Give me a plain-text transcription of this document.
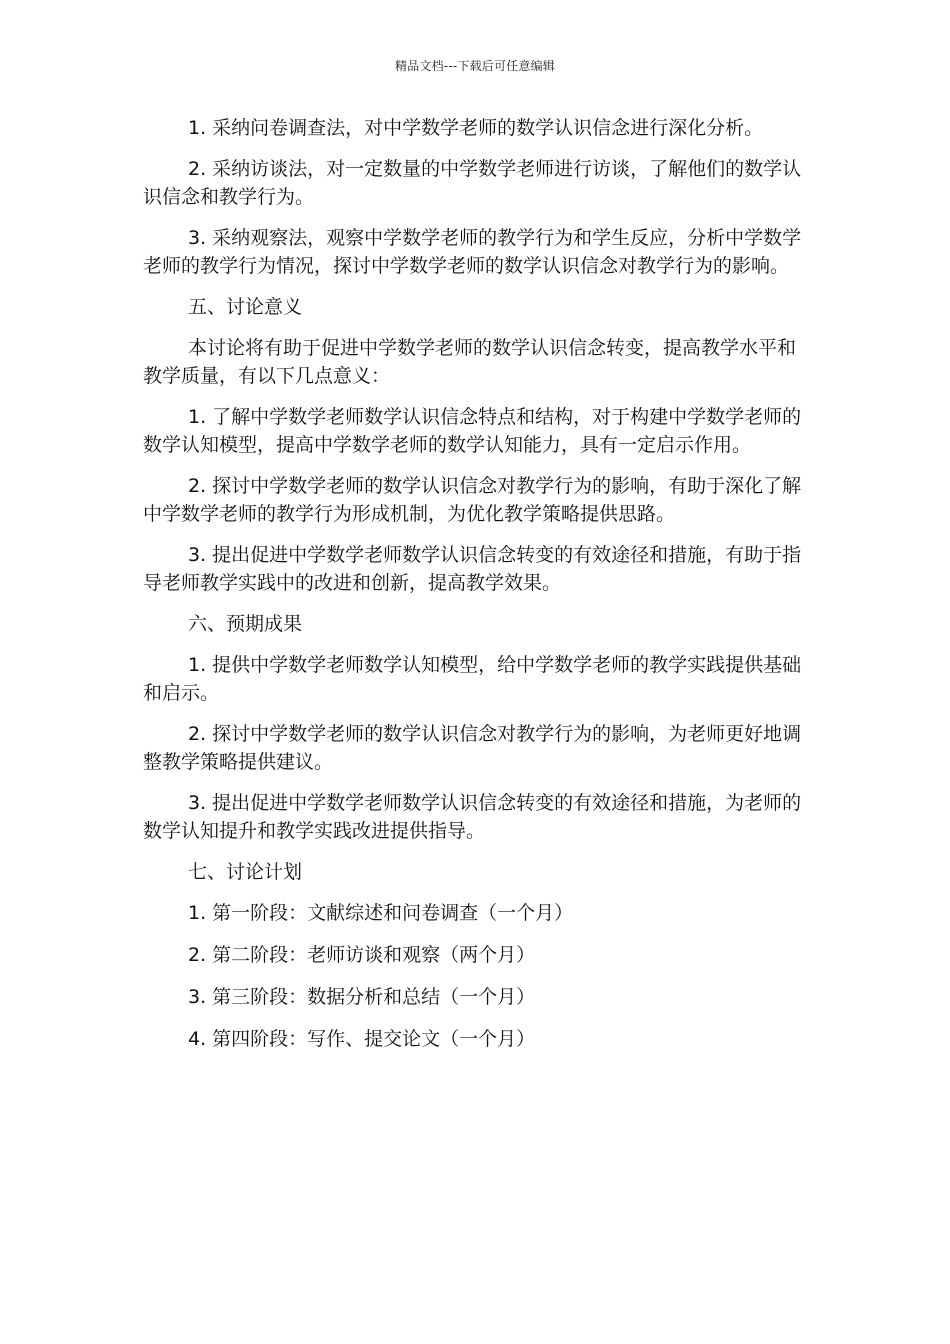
精品文档---下载后可任意编辑

1. 采纳问卷调查法，对中学数学老师的数学认识信念进行深化分析。

2. 采纳访谈法，对一定数量的中学数学老师进行访谈，了解他们的数学认识信念和教学行为。

3. 采纳观察法，观察中学数学老师的教学行为和学生反应，分析中学数学老师的教学行为情况，探讨中学数学老师的数学认识信念对教学行为的影响。

五、讨论意义

本讨论将有助于促进中学数学老师的数学认识信念转变，提高教学水平和教学质量，有以下几点意义：

1. 了解中学数学老师数学认识信念特点和结构，对于构建中学数学老师的数学认知模型，提高中学数学老师的数学认知能力，具有一定启示作用。

2. 探讨中学数学老师的数学认识信念对教学行为的影响，有助于深化了解中学数学老师的教学行为形成机制，为优化教学策略提供思路。

3. 提出促进中学数学老师数学认识信念转变的有效途径和措施，有助于指导老师教学实践中的改进和创新，提高教学效果。

六、预期成果

1. 提供中学数学老师数学认知模型，给中学数学老师的教学实践提供基础和启示。

2. 探讨中学数学老师的数学认识信念对教学行为的影响，为老师更好地调整教学策略提供建议。

3. 提出促进中学数学老师数学认识信念转变的有效途径和措施，为老师的数学认知提升和教学实践改进提供指导。

七、讨论计划

1. 第一阶段：文献综述和问卷调查（一个月）

2. 第二阶段：老师访谈和观察（两个月）

3. 第三阶段：数据分析和总结（一个月）

4. 第四阶段：写作、提交论文（一个月）
